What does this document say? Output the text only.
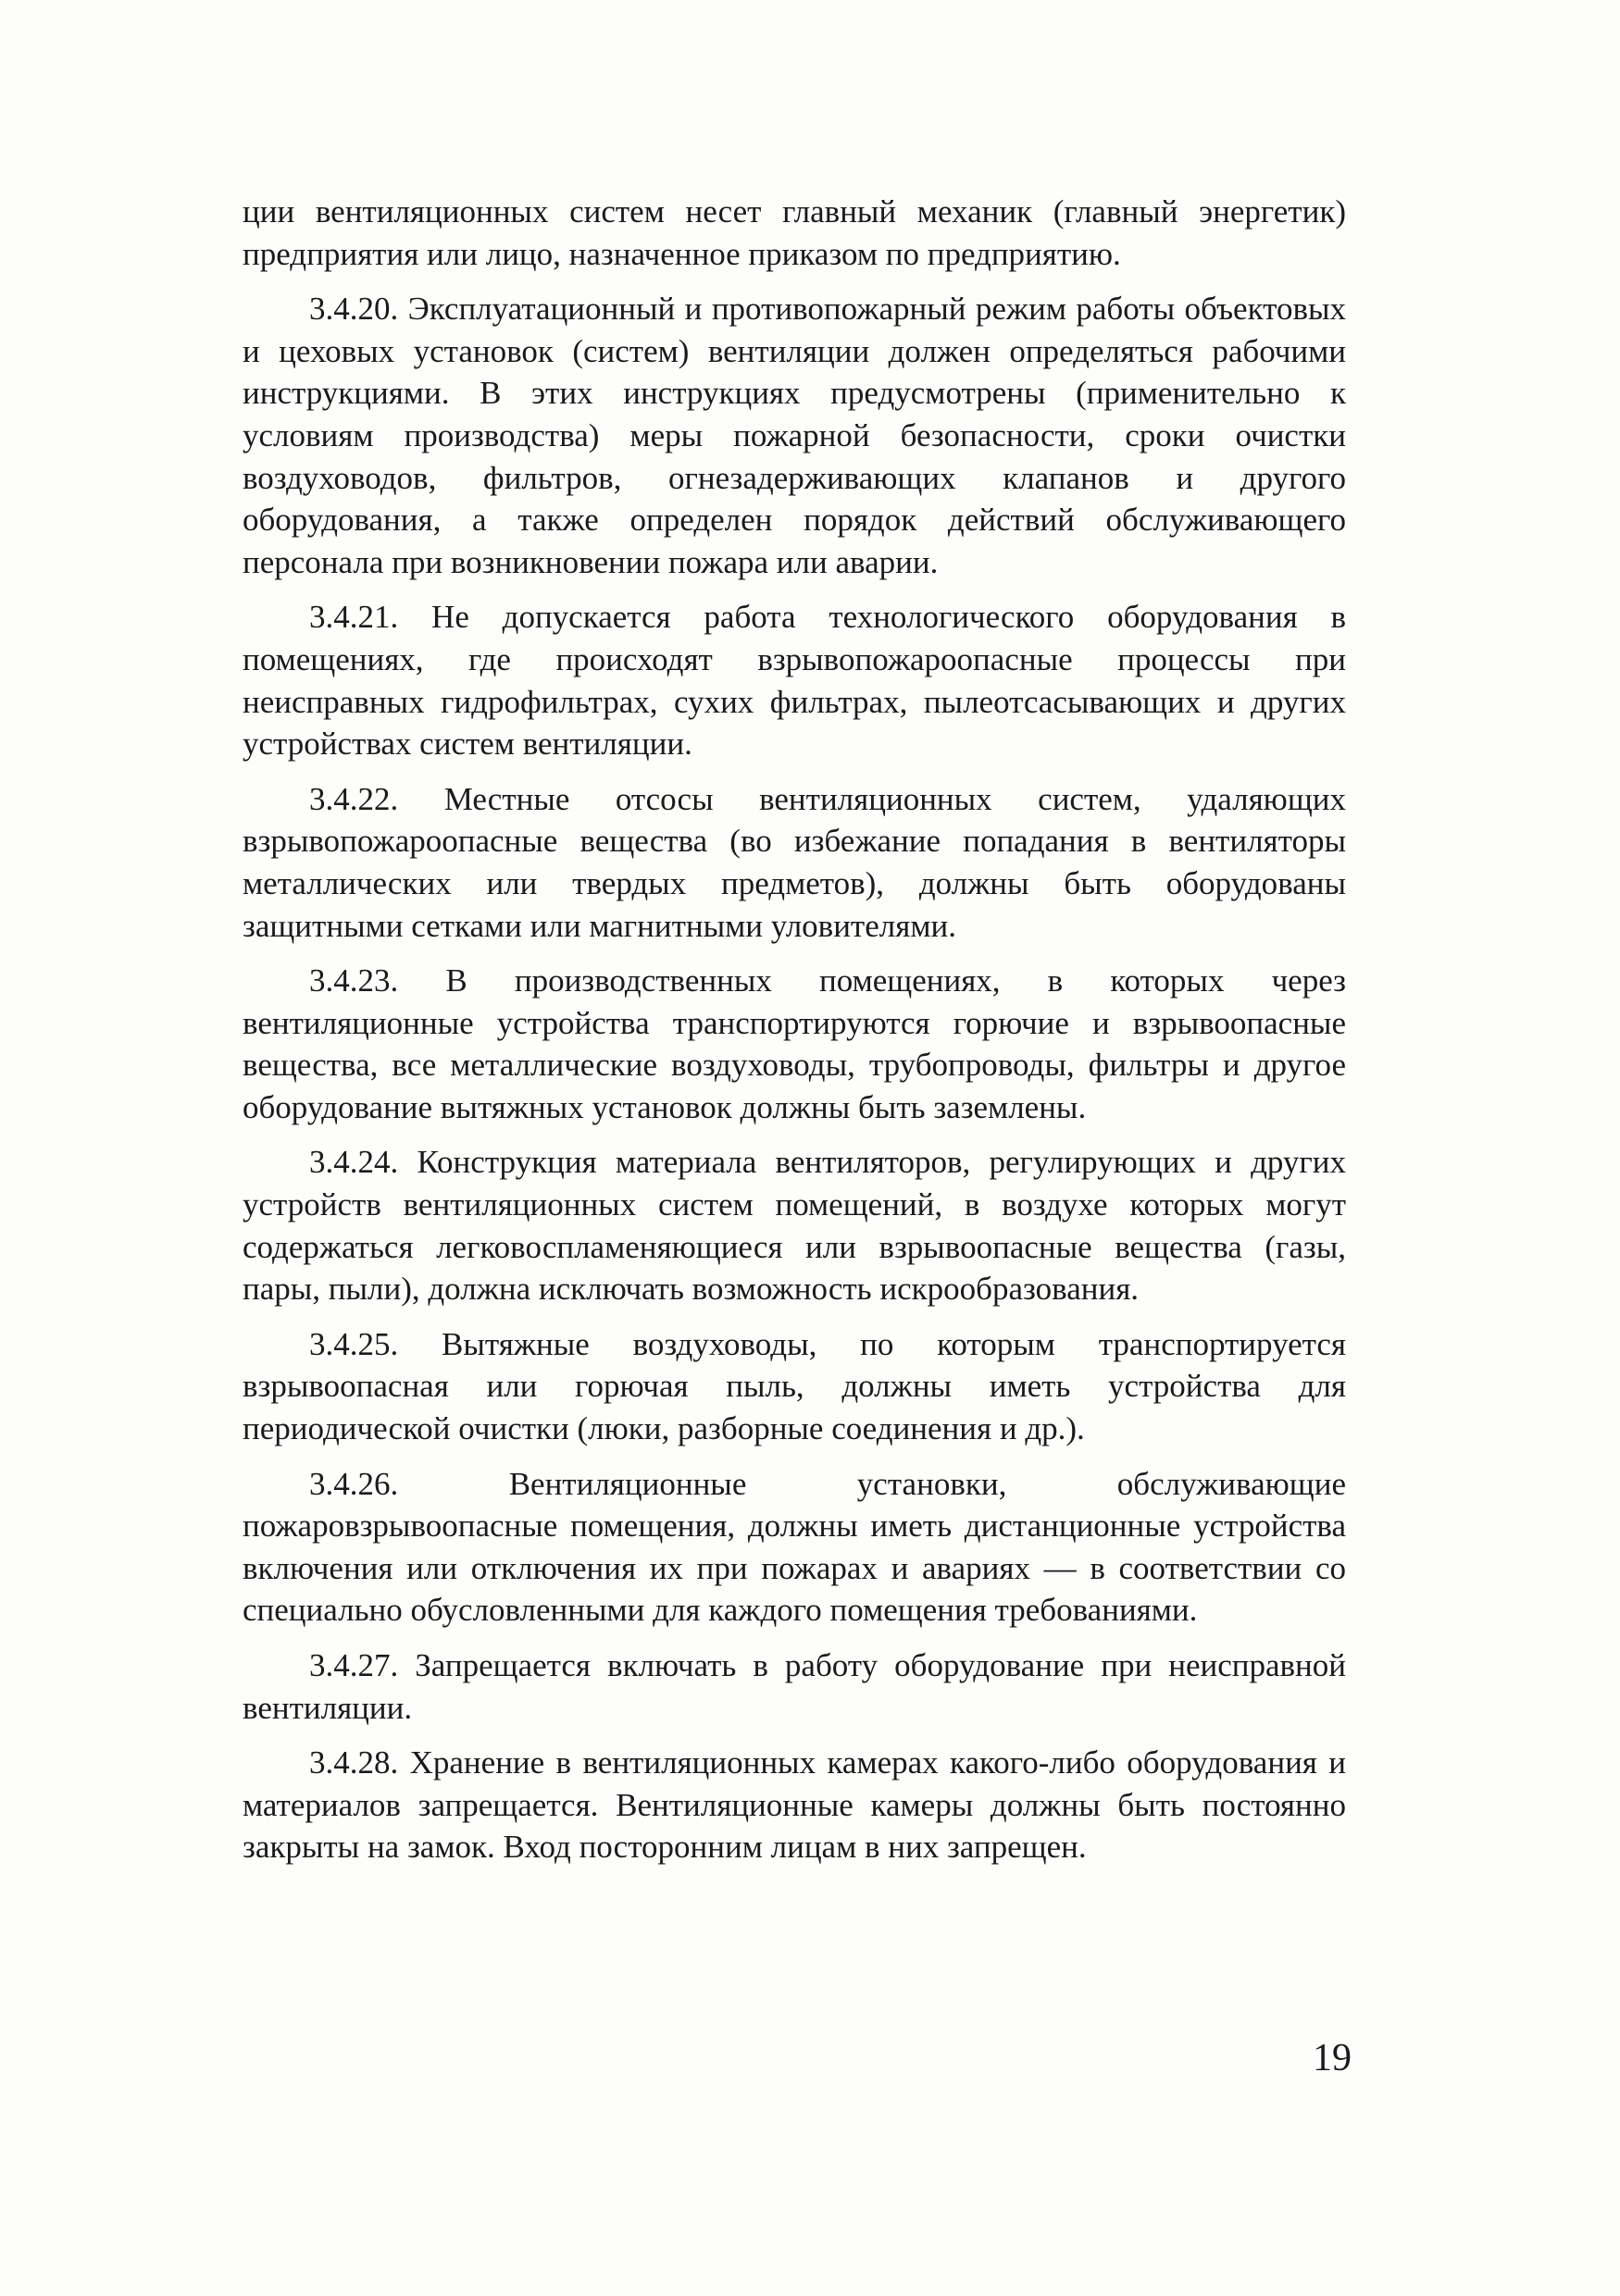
ции вентиляционных систем несет главный механик (главный энергетик) предприятия или лицо, назначенное приказом по предприятию.

3.4.20. Эксплуатационный и противопожарный режим работы объектовых и цеховых установок (систем) вентиляции должен определяться рабочими инструкциями. В этих инструкциях предусмотрены (применительно к условиям производства) меры пожарной безопасности, сроки очистки воздуховодов, фильтров, огнезадерживающих клапанов и другого оборудования, а также определен порядок действий обслуживающего персонала при возникновении пожара или аварии.

3.4.21. Не допускается работа технологического оборудования в помещениях, где происходят взрывопожароопасные процессы при неисправных гидрофильтрах, сухих фильтрах, пылеотсасывающих и других устройствах систем вентиляции.

3.4.22. Местные отсосы вентиляционных систем, удаляющих взрывопожароопасные вещества (во избежание попадания в вентиляторы металлических или твердых предметов), должны быть оборудованы защитными сетками или магнитными уловителями.

3.4.23. В производственных помещениях, в которых через вентиляционные устройства транспортируются горючие и взрывоопасные вещества, все металлические воздуховоды, трубопроводы, фильтры и другое оборудование вытяжных установок должны быть заземлены.

3.4.24. Конструкция материала вентиляторов, регулирующих и других устройств вентиляционных систем помещений, в воздухе которых могут содержаться легковоспламеняющиеся или взрывоопасные вещества (газы, пары, пыли), должна исключать возможность искрообразования.

3.4.25. Вытяжные воздуховоды, по которым транспортируется взрывоопасная или горючая пыль, должны иметь устройства для периодической очистки (люки, разборные соединения и др.).

3.4.26. Вентиляционные установки, обслуживающие пожаровзрывоопасные помещения, должны иметь дистанционные устройства включения или отключения их при пожарах и авариях — в соответствии со специально обусловленными для каждого помещения требованиями.

3.4.27. Запрещается включать в работу оборудование при неисправной вентиляции.

3.4.28. Хранение в вентиляционных камерах какого-либо оборудования и материалов запрещается. Вентиляционные камеры должны быть постоянно закрыты на замок. Вход посторонним лицам в них запрещен.

19
